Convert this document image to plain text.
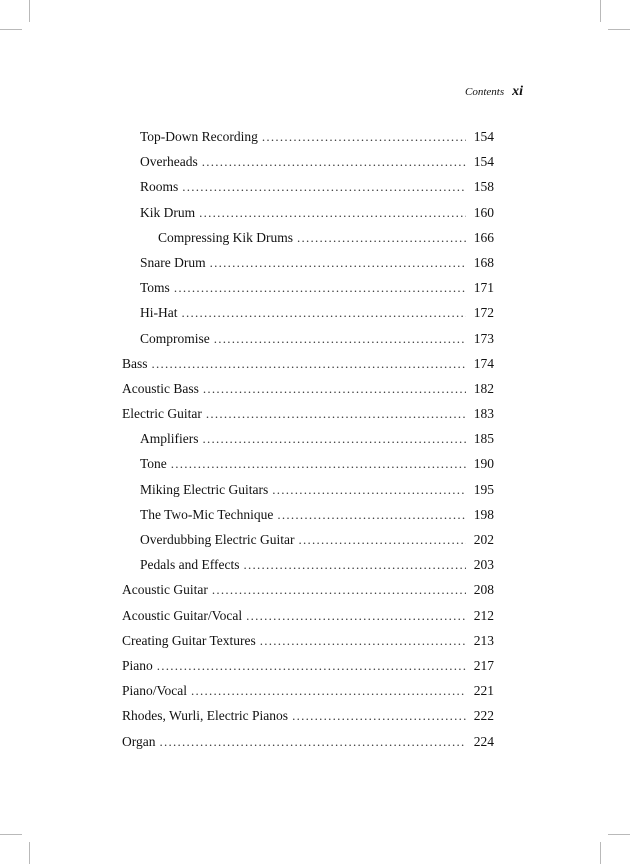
Contents xi
Top-Down Recording . . .	154
Overheads . . .	154
Rooms . . .	158
Kik Drum . . .	160
Compressing Kik Drums . . .	166
Snare Drum . . .	168
Toms . . .	171
Hi-Hat . . .	172
Compromise . . .	173
Bass . . .	174
Acoustic Bass . . .	182
Electric Guitar . . .	183
Amplifiers . . .	185
Tone . . .	190
Miking Electric Guitars . . .	195
The Two-Mic Technique . . .	198
Overdubbing Electric Guitar . . .	202
Pedals and Effects . . .	203
Acoustic Guitar . . .	208
Acoustic Guitar/Vocal . . .	212
Creating Guitar Textures . . .	213
Piano . . .	217
Piano/Vocal . . .	221
Rhodes, Wurli, Electric Pianos . . .	222
Organ . . .	224
